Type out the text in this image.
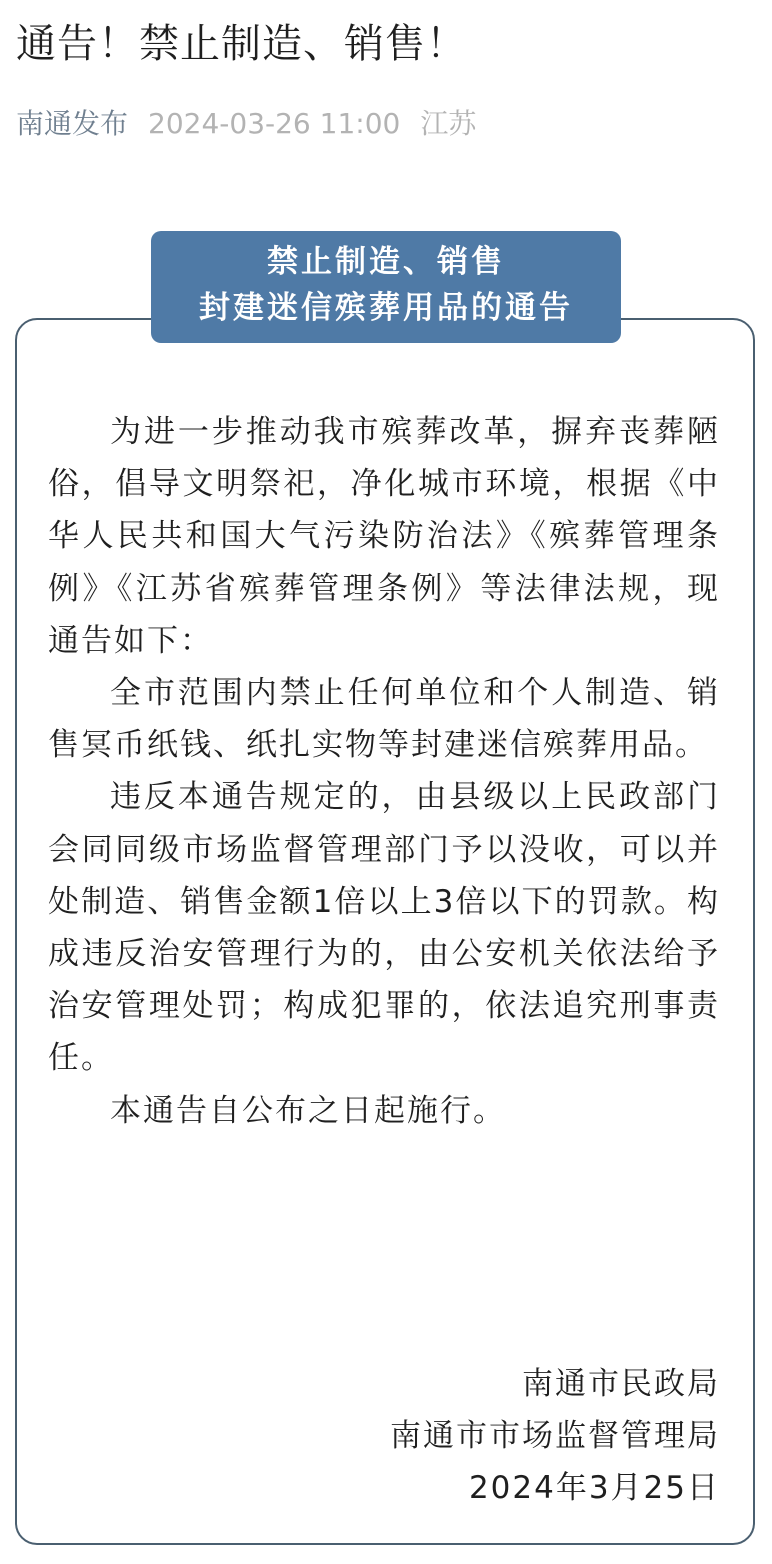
通告！禁止制造、销售！
南通发布 2024-03-26 11:00 江苏
禁止制造、销售
封建迷信殡葬用品的通告

为进一步推动我市殡葬改革，摒弃丧葬陋俗，倡导文明祭祀，净化城市环境，根据《中华人民共和国大气污染防治法》《殡葬管理条例》《江苏省殡葬管理条例》等法律法规，现通告如下：

全市范围内禁止任何单位和个人制造、销售冥币纸钱、纸扎实物等封建迷信殡葬用品。

违反本通告规定的，由县级以上民政部门会同同级市场监督管理部门予以没收，可以并处制造、销售金额1倍以上3倍以下的罚款。构成违反治安管理行为的，由公安机关依法给予治安管理处罚；构成犯罪的，依法追究刑事责任。

本通告自公布之日起施行。

南通市民政局
南通市市场监督管理局
2024年3月25日
